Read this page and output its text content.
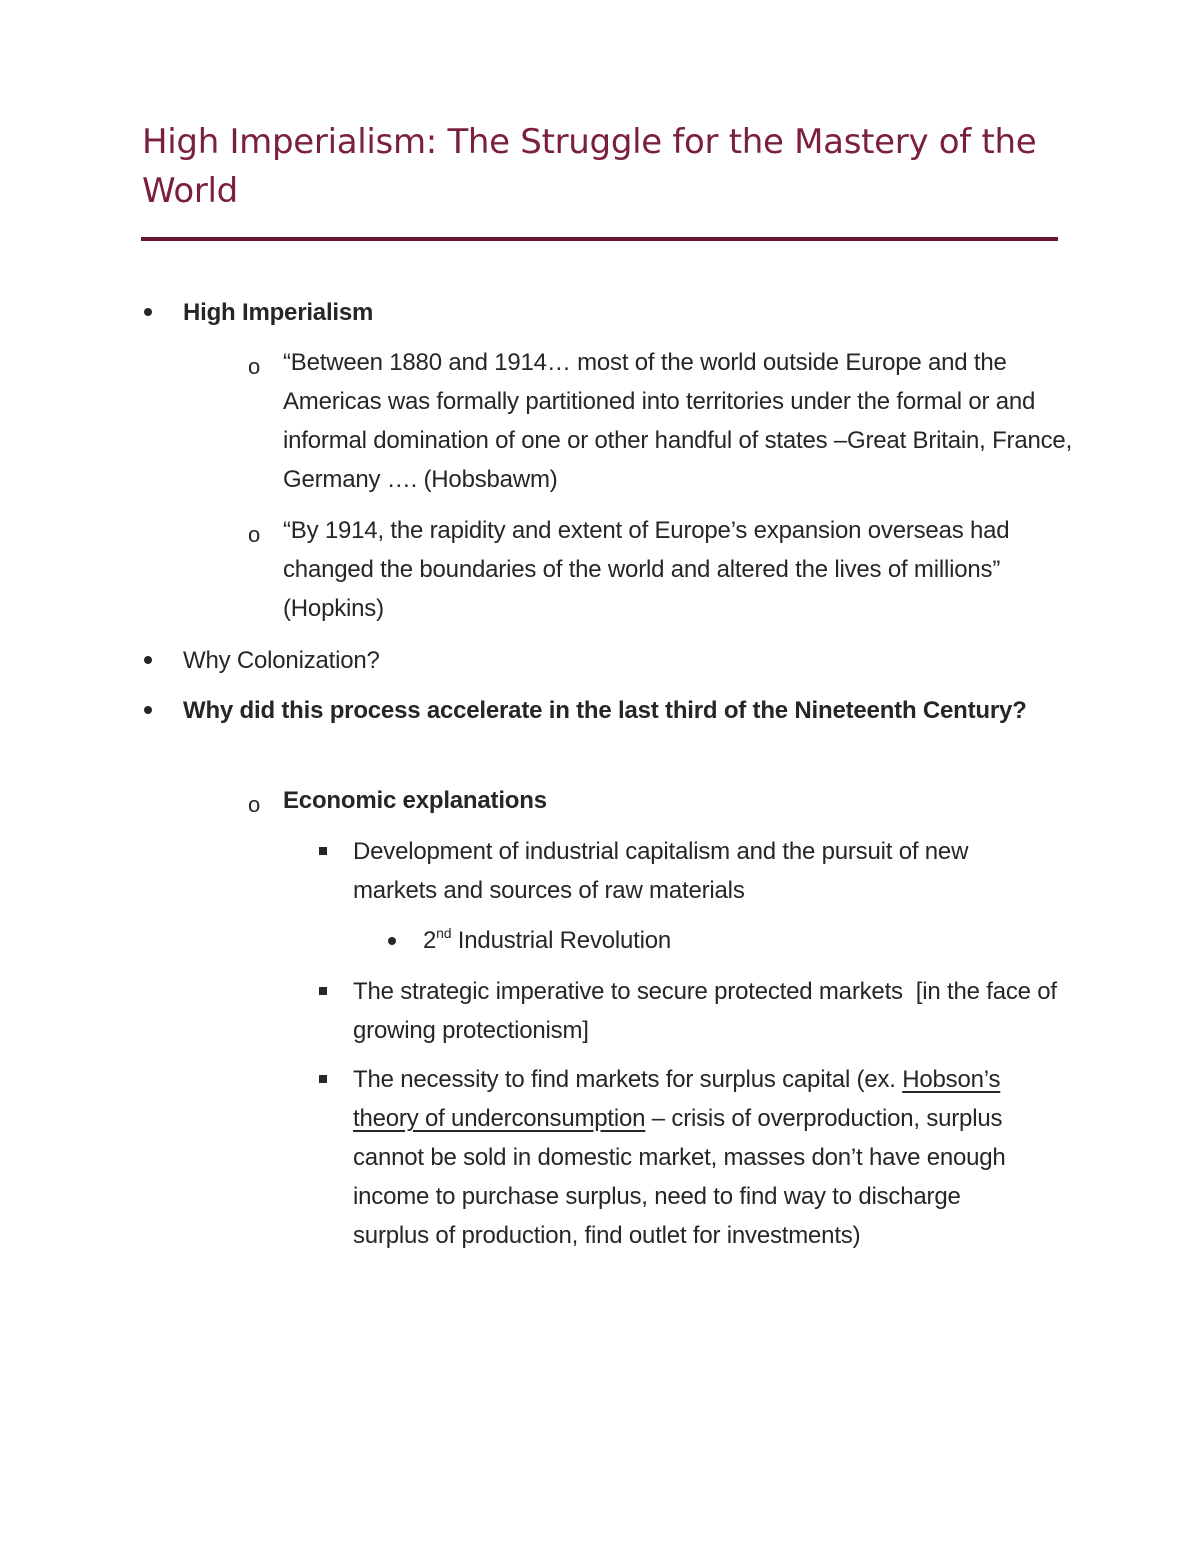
High Imperialism: The Struggle for the Mastery of the World
High Imperialism
o “Between 1880 and 1914… most of the world outside Europe and the Americas was formally partitioned into territories under the formal or and informal domination of one or other handful of states –Great Britain, France, Germany …. (Hobsbawm)
o “By 1914, the rapidity and extent of Europe’s expansion overseas had changed the boundaries of the world and altered the lives of millions” (Hopkins)
Why Colonization?
Why did this process accelerate in the last third of the Nineteenth Century?
o Economic explanations
Development of industrial capitalism and the pursuit of new markets and sources of raw materials
2nd Industrial Revolution
The strategic imperative to secure protected markets  [in the face of growing protectionism]
The necessity to find markets for surplus capital (ex. Hobson’s theory of underconsumption – crisis of overproduction, surplus cannot be sold in domestic market, masses don’t have enough income to purchase surplus, need to find way to discharge surplus of production, find outlet for investments)
